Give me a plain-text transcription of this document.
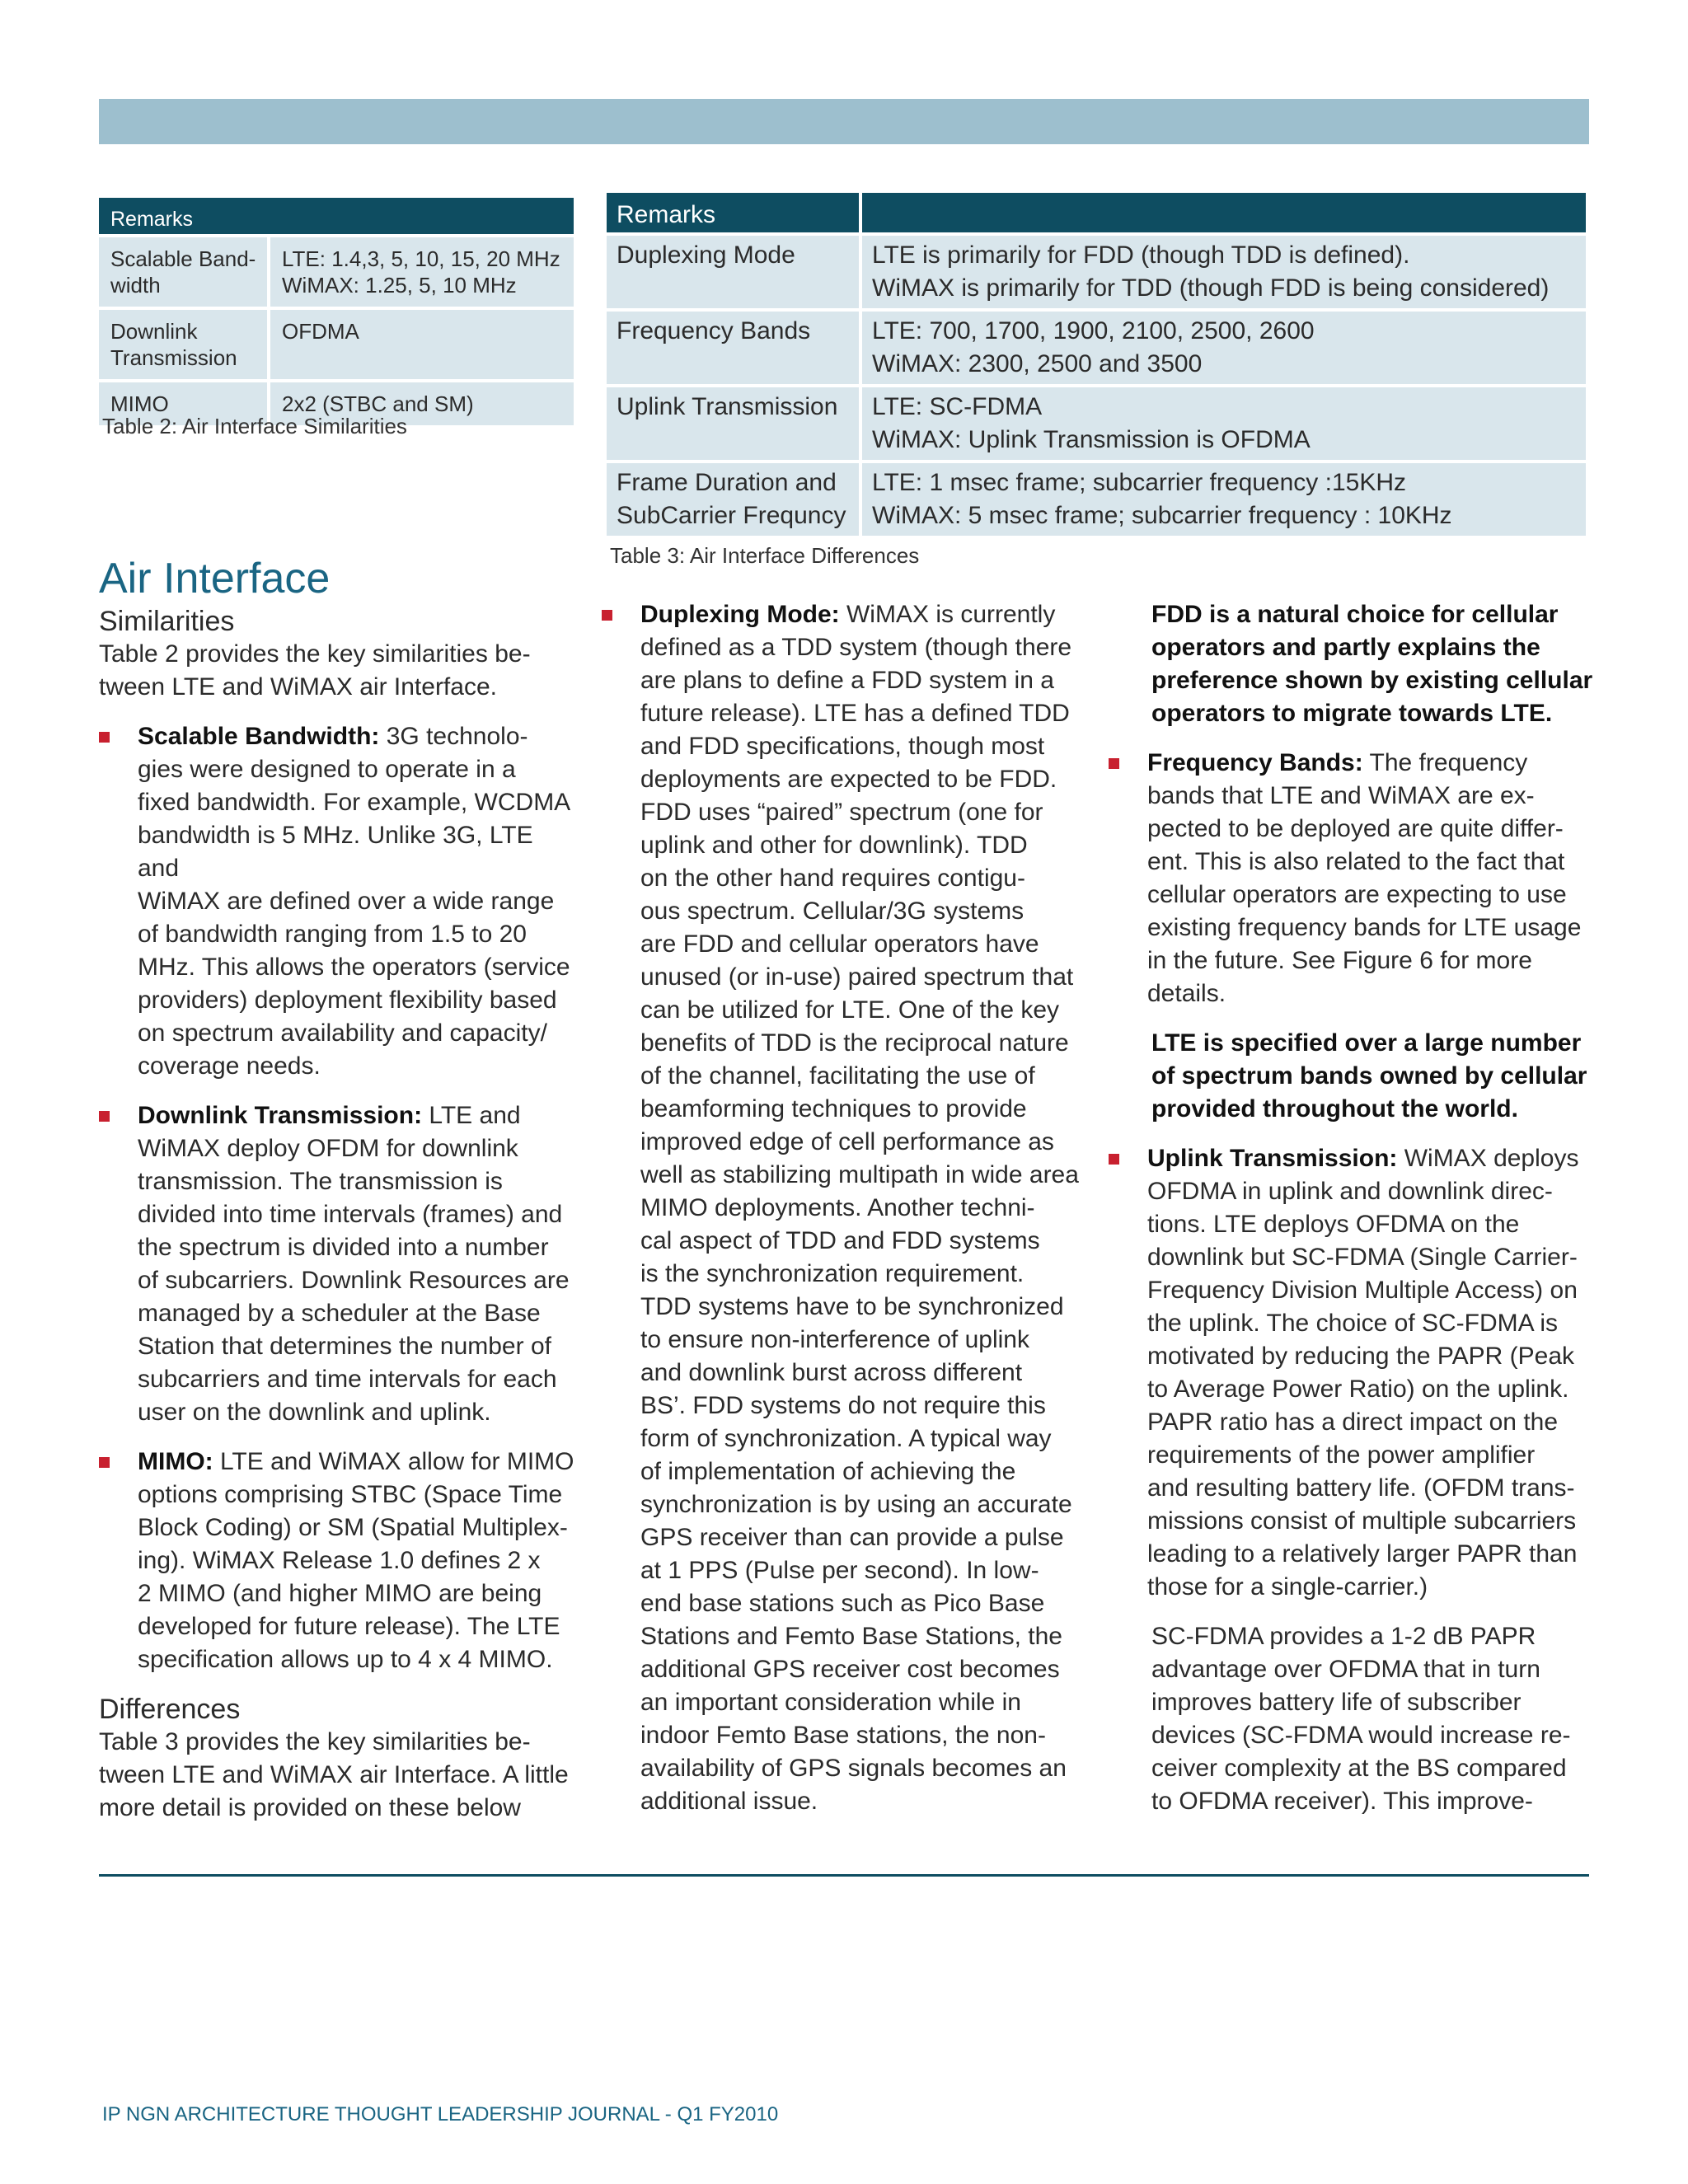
Remarks	
Scalable Band-
width	LTE: 1.4,3, 5, 10, 15, 20 MHz
WiMAX: 1.25, 5, 10 MHz
Downlink
Transmission	OFDMA
MIMO	2x2 (STBC and SM)
Table 2: Air Interface Similarities
Remarks	
Duplexing Mode	LTE is primarily for FDD (though TDD is defined).
WiMAX is primarily for TDD (though FDD is being considered)
Frequency Bands	LTE: 700, 1700, 1900, 2100, 2500, 2600
WiMAX: 2300, 2500 and 3500
Uplink Transmission	LTE: SC-FDMA
WiMAX: Uplink Transmission is OFDMA
Frame Duration and
SubCarrier Frequncy	LTE: 1 msec frame; subcarrier frequency :15KHz
WiMAX: 5 msec frame; subcarrier frequency : 10KHz
Table 3: Air Interface Differences
Air Interface
Similarities
Table 2 provides the key similarities be-
tween LTE and WiMAX air Interface.
Scalable Bandwidth: 3G technolo-
gies were designed to operate in a
fixed bandwidth. For example, WCDMA
bandwidth is 5 MHz. Unlike 3G, LTE and
WiMAX are defined over a wide range
of bandwidth ranging from 1.5 to 20
MHz. This allows the operators (service
providers) deployment flexibility based
on spectrum availability and capacity/
coverage needs.
Downlink Transmission: LTE and
WiMAX deploy OFDM for downlink
transmission. The transmission is
divided into time intervals (frames) and
the spectrum is divided into a number
of subcarriers. Downlink Resources are
managed by a scheduler at the Base
Station that determines the number of
subcarriers and time intervals for each
user on the downlink and uplink.
MIMO: LTE and WiMAX allow for MIMO
options comprising STBC (Space Time
Block Coding) or SM (Spatial Multiplex-
ing). WiMAX Release 1.0 defines 2 x
2 MIMO (and higher MIMO are being
developed for future release). The LTE
specification allows up to 4 x 4 MIMO.
Differences
Table 3 provides the key similarities be-
tween LTE and WiMAX air Interface. A little
more detail is provided on these below
Duplexing Mode: WiMAX is currently
defined as a TDD system (though there
are plans to define a FDD system in a
future release). LTE has a defined TDD
and FDD specifications, though most
deployments are expected to be FDD.
FDD uses “paired” spectrum (one for
uplink and other for downlink). TDD
on the other hand requires contigu-
ous spectrum. Cellular/3G systems
are FDD and cellular operators have
unused (or in-use) paired spectrum that
can be utilized for LTE. One of the key
benefits of TDD is the reciprocal nature
of the channel, facilitating the use of
beamforming techniques to provide
improved edge of cell performance as
well as stabilizing multipath in wide area
MIMO deployments. Another techni-
cal aspect of TDD and FDD systems
is the synchronization requirement.
TDD systems have to be synchronized
to ensure non-interference of uplink
and downlink burst across different
BS’. FDD systems do not require this
form of synchronization. A typical way
of implementation of achieving the
synchronization is by using an accurate
GPS receiver than can provide a pulse
at 1 PPS (Pulse per second). In low-
end base stations such as Pico Base
Stations and Femto Base Stations, the
additional GPS receiver cost becomes
an important consideration while in
indoor Femto Base stations, the non-
availability of GPS signals becomes an
additional issue.
FDD is a natural choice for cellular
operators and partly explains the
preference shown by existing cellular
operators to migrate towards LTE.
Frequency Bands: The frequency
bands that LTE and WiMAX are ex-
pected to be deployed are quite differ-
ent. This is also related to the fact that
cellular operators are expecting to use
existing frequency bands for LTE usage
in the future. See Figure 6 for more
details.
LTE is specified over a large number
of spectrum bands owned by cellular
provided throughout the world.
Uplink Transmission: WiMAX deploys
OFDMA in uplink and downlink direc-
tions. LTE deploys OFDMA on the
downlink but SC-FDMA (Single Carrier-
Frequency Division Multiple Access) on
the uplink. The choice of SC-FDMA is
motivated by reducing the PAPR (Peak
to Average Power Ratio) on the uplink.
PAPR ratio has a direct impact on the
requirements of the power amplifier
and resulting battery life. (OFDM trans-
missions consist of multiple subcarriers
leading to a relatively larger PAPR than
those for a single-carrier.)
SC-FDMA provides a 1-2 dB PAPR
advantage over OFDMA that in turn
improves battery life of subscriber
devices (SC-FDMA would increase re-
ceiver complexity at the BS compared
to OFDMA receiver). This improve-
IP NGN ARCHITECTURE THOUGHT LEADERSHIP JOURNAL - Q1 FY2010
